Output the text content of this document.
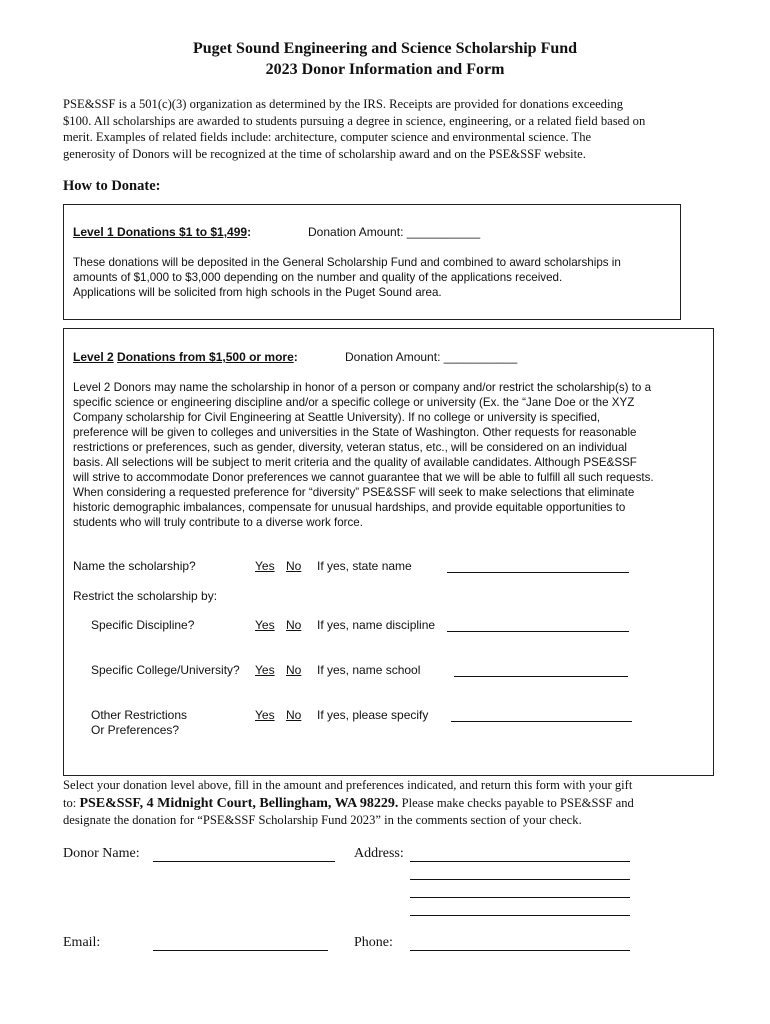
Puget Sound Engineering and Science Scholarship Fund
2023 Donor Information and Form
PSE&SSF is a 501(c)(3) organization as determined by the IRS. Receipts are provided for donations exceeding
$100. All scholarships are awarded to students pursuing a degree in science, engineering, or a related field based on
merit. Examples of related fields include: architecture, computer science and environmental science. The
generosity of Donors will be recognized at the time of scholarship award and on the PSE&SSF website.
How to Donate:
Level 1 Donations $1 to $1,499:	Donation Amount: ___________
These donations will be deposited in the General Scholarship Fund and combined to award scholarships in
amounts of $1,000 to $3,000 depending on the number and quality of the applications received.
Applications will be solicited from high schools in the Puget Sound area.
Level 2 Donations from $1,500 or more:	Donation Amount: ___________
Level 2 Donors may name the scholarship in honor of a person or company and/or restrict the scholarship(s) to a
specific science or engineering discipline and/or a specific college or university (Ex. the “Jane Doe or the XYZ
Company scholarship for Civil Engineering at Seattle University). If no college or university is specified,
preference will be given to colleges and universities in the State of Washington. Other requests for reasonable
restrictions or preferences, such as gender, diversity, veteran status, etc., will be considered on an individual
basis. All selections will be subject to merit criteria and the quality of available candidates. Although PSE&SSF
will strive to accommodate Donor preferences we cannot guarantee that we will be able to fulfill all such requests.
When considering a requested preference for “diversity” PSE&SSF will seek to make selections that eliminate
historic demographic imbalances, compensate for unusual hardships, and provide equitable opportunities to
students who will truly contribute to a diverse work force.
Name the scholarship?	Yes No If yes, state name
Restrict the scholarship by:
Specific Discipline?	Yes No If yes, name discipline
Specific College/University? Yes No If yes, name school
Other Restrictions
Or Preferences?
Yes No If yes, please specify
Select your donation level above, fill in the amount and preferences indicated, and return this form with your gift
to: PSE&SSF, 4 Midnight Court, Bellingham, WA 98229. Please make checks payable to PSE&SSF and
designate the donation for “PSE&SSF Scholarship Fund 2023” in the comments section of your check.
Donor Name:	Address:
Email:	Phone:
